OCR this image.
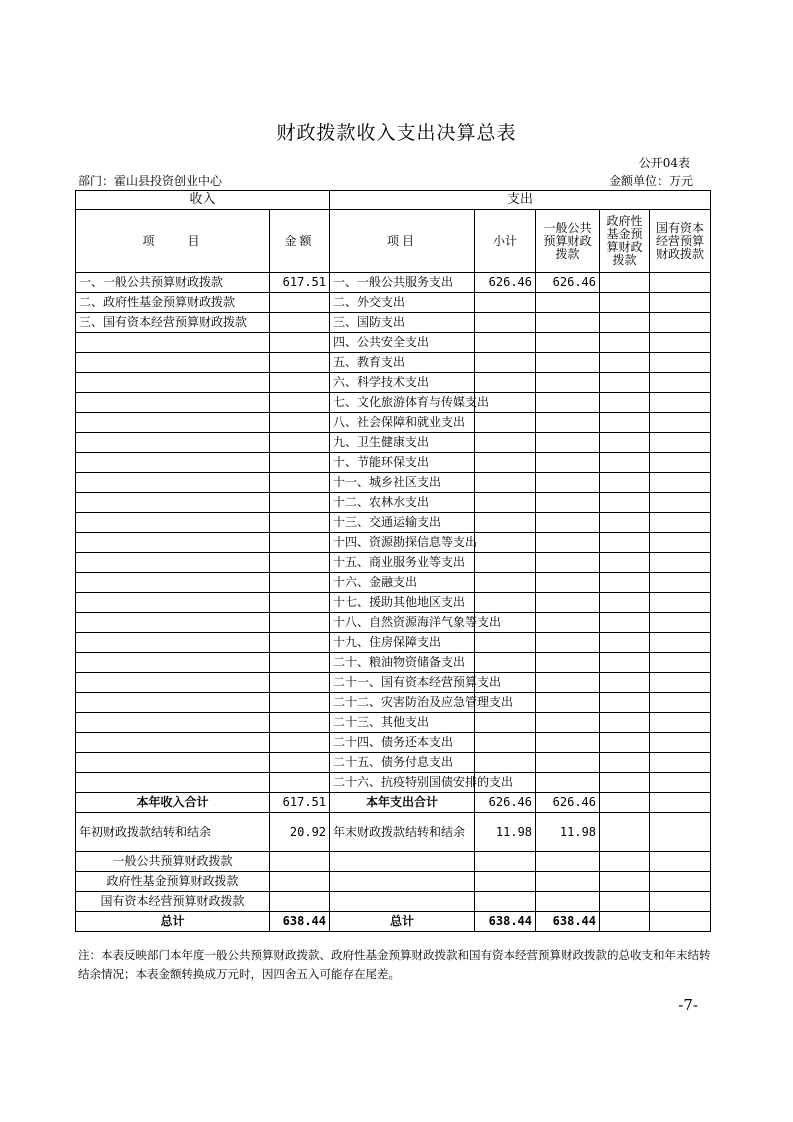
财政拨款收入支出决算总表
公开04表
部门：霍山县投资创业中心	金额单位：万元
收入		支出				
项　　目	金额	项目	小计	一般公共预算财政拨款	政府性基金预算财政拨款	国有资本经营预算财政拨款
一、一般公共预算财政拨款	617.51	一、一般公共服务支出	626.46	626.46		
二、政府性基金预算财政拨款		二、外交支出				
三、国有资本经营预算财政拨款		三、国防支出				
		四、公共安全支出				
		五、教育支出				
		六、科学技术支出				
		七、文化旅游体育与传媒支出				
		八、社会保障和就业支出				
		九、卫生健康支出				
		十、节能环保支出				
		十一、城乡社区支出				
		十二、农林水支出				
		十三、交通运输支出				
		十四、资源勘探信息等支出				
		十五、商业服务业等支出				
		十六、金融支出				
		十七、援助其他地区支出				
		十八、自然资源海洋气象等支出				
		十九、住房保障支出				
		二十、粮油物资储备支出				
		二十一、国有资本经营预算支出				
		二十二、灾害防治及应急管理支出				
		二十三、其他支出				
		二十四、债务还本支出				
		二十五、债务付息支出				
		二十六、抗疫特别国债安排的支出				
本年收入合计	617.51	本年支出合计	626.46	626.46		
年初财政拨款结转和结余	20.92	年末财政拨款结转和结余	11.98	11.98		
一般公共预算财政拨款						
政府性基金预算财政拨款						
国有资本经营预算财政拨款						
总计	638.44	总计	638.44	638.44		
注：本表反映部门本年度一般公共预算财政拨款、政府性基金预算财政拨款和国有资本经营预算财政拨款的总收支和年末结转结余情况；本表金额转换成万元时，因四舍五入可能存在尾差。
-7-
